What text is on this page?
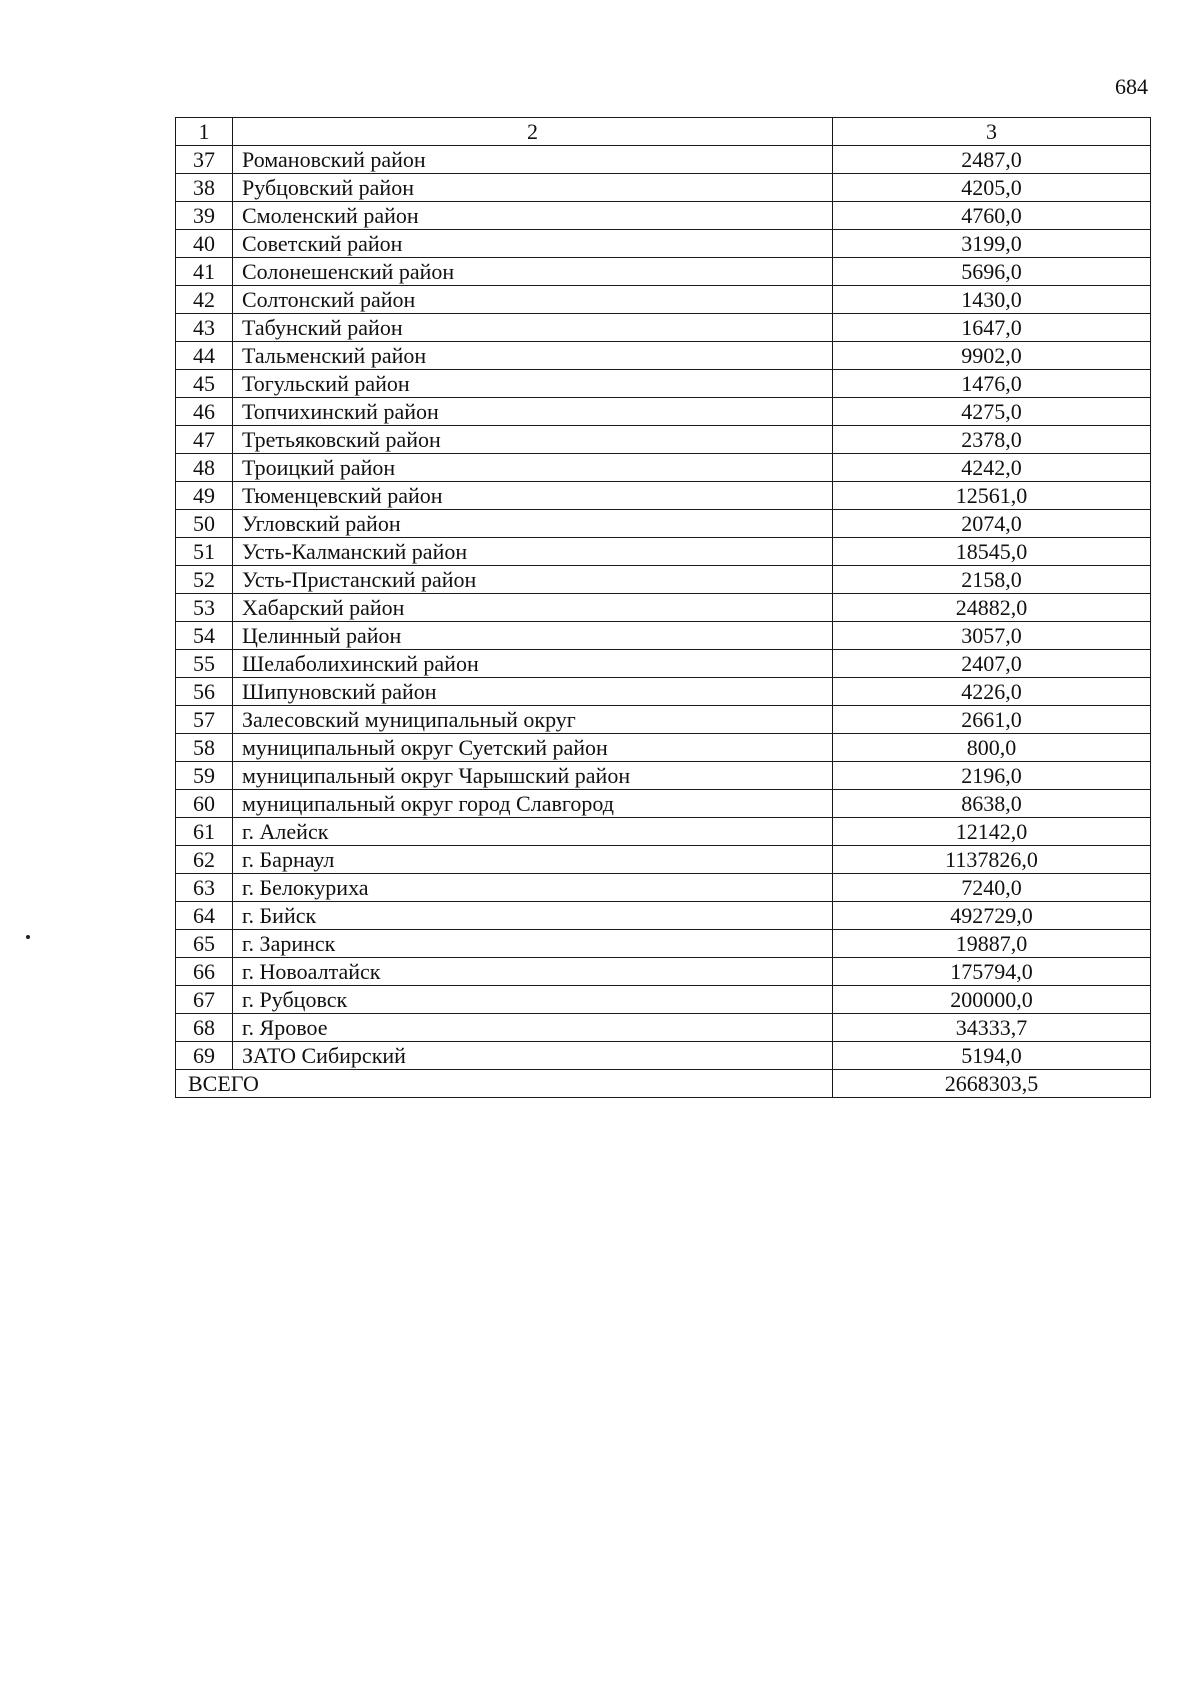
684
1	2	3
37	Романовский район	2487,0
38	Рубцовский район	4205,0
39	Смоленский район	4760,0
40	Советский район	3199,0
41	Солонешенский район	5696,0
42	Солтонский район	1430,0
43	Табунский район	1647,0
44	Тальменский район	9902,0
45	Тогульский район	1476,0
46	Топчихинский район	4275,0
47	Третьяковский район	2378,0
48	Троицкий район	4242,0
49	Тюменцевский район	12561,0
50	Угловский район	2074,0
51	Усть-Калманский район	18545,0
52	Усть-Пристанский район	2158,0
53	Хабарский район	24882,0
54	Целинный район	3057,0
55	Шелаболихинский район	2407,0
56	Шипуновский район	4226,0
57	Залесовский муниципальный округ	2661,0
58	муниципальный округ Суетский район	800,0
59	муниципальный округ Чарышский район	2196,0
60	муниципальный округ город Славгород	8638,0
61	г. Алейск	12142,0
62	г. Барнаул	1137826,0
63	г. Белокуриха	7240,0
64	г. Бийск	492729,0
65	г. Заринск	19887,0
66	г. Новоалтайск	175794,0
67	г. Рубцовск	200000,0
68	г. Яровое	34333,7
69	ЗАТО Сибирский	5194,0
ВСЕГО		2668303,5
